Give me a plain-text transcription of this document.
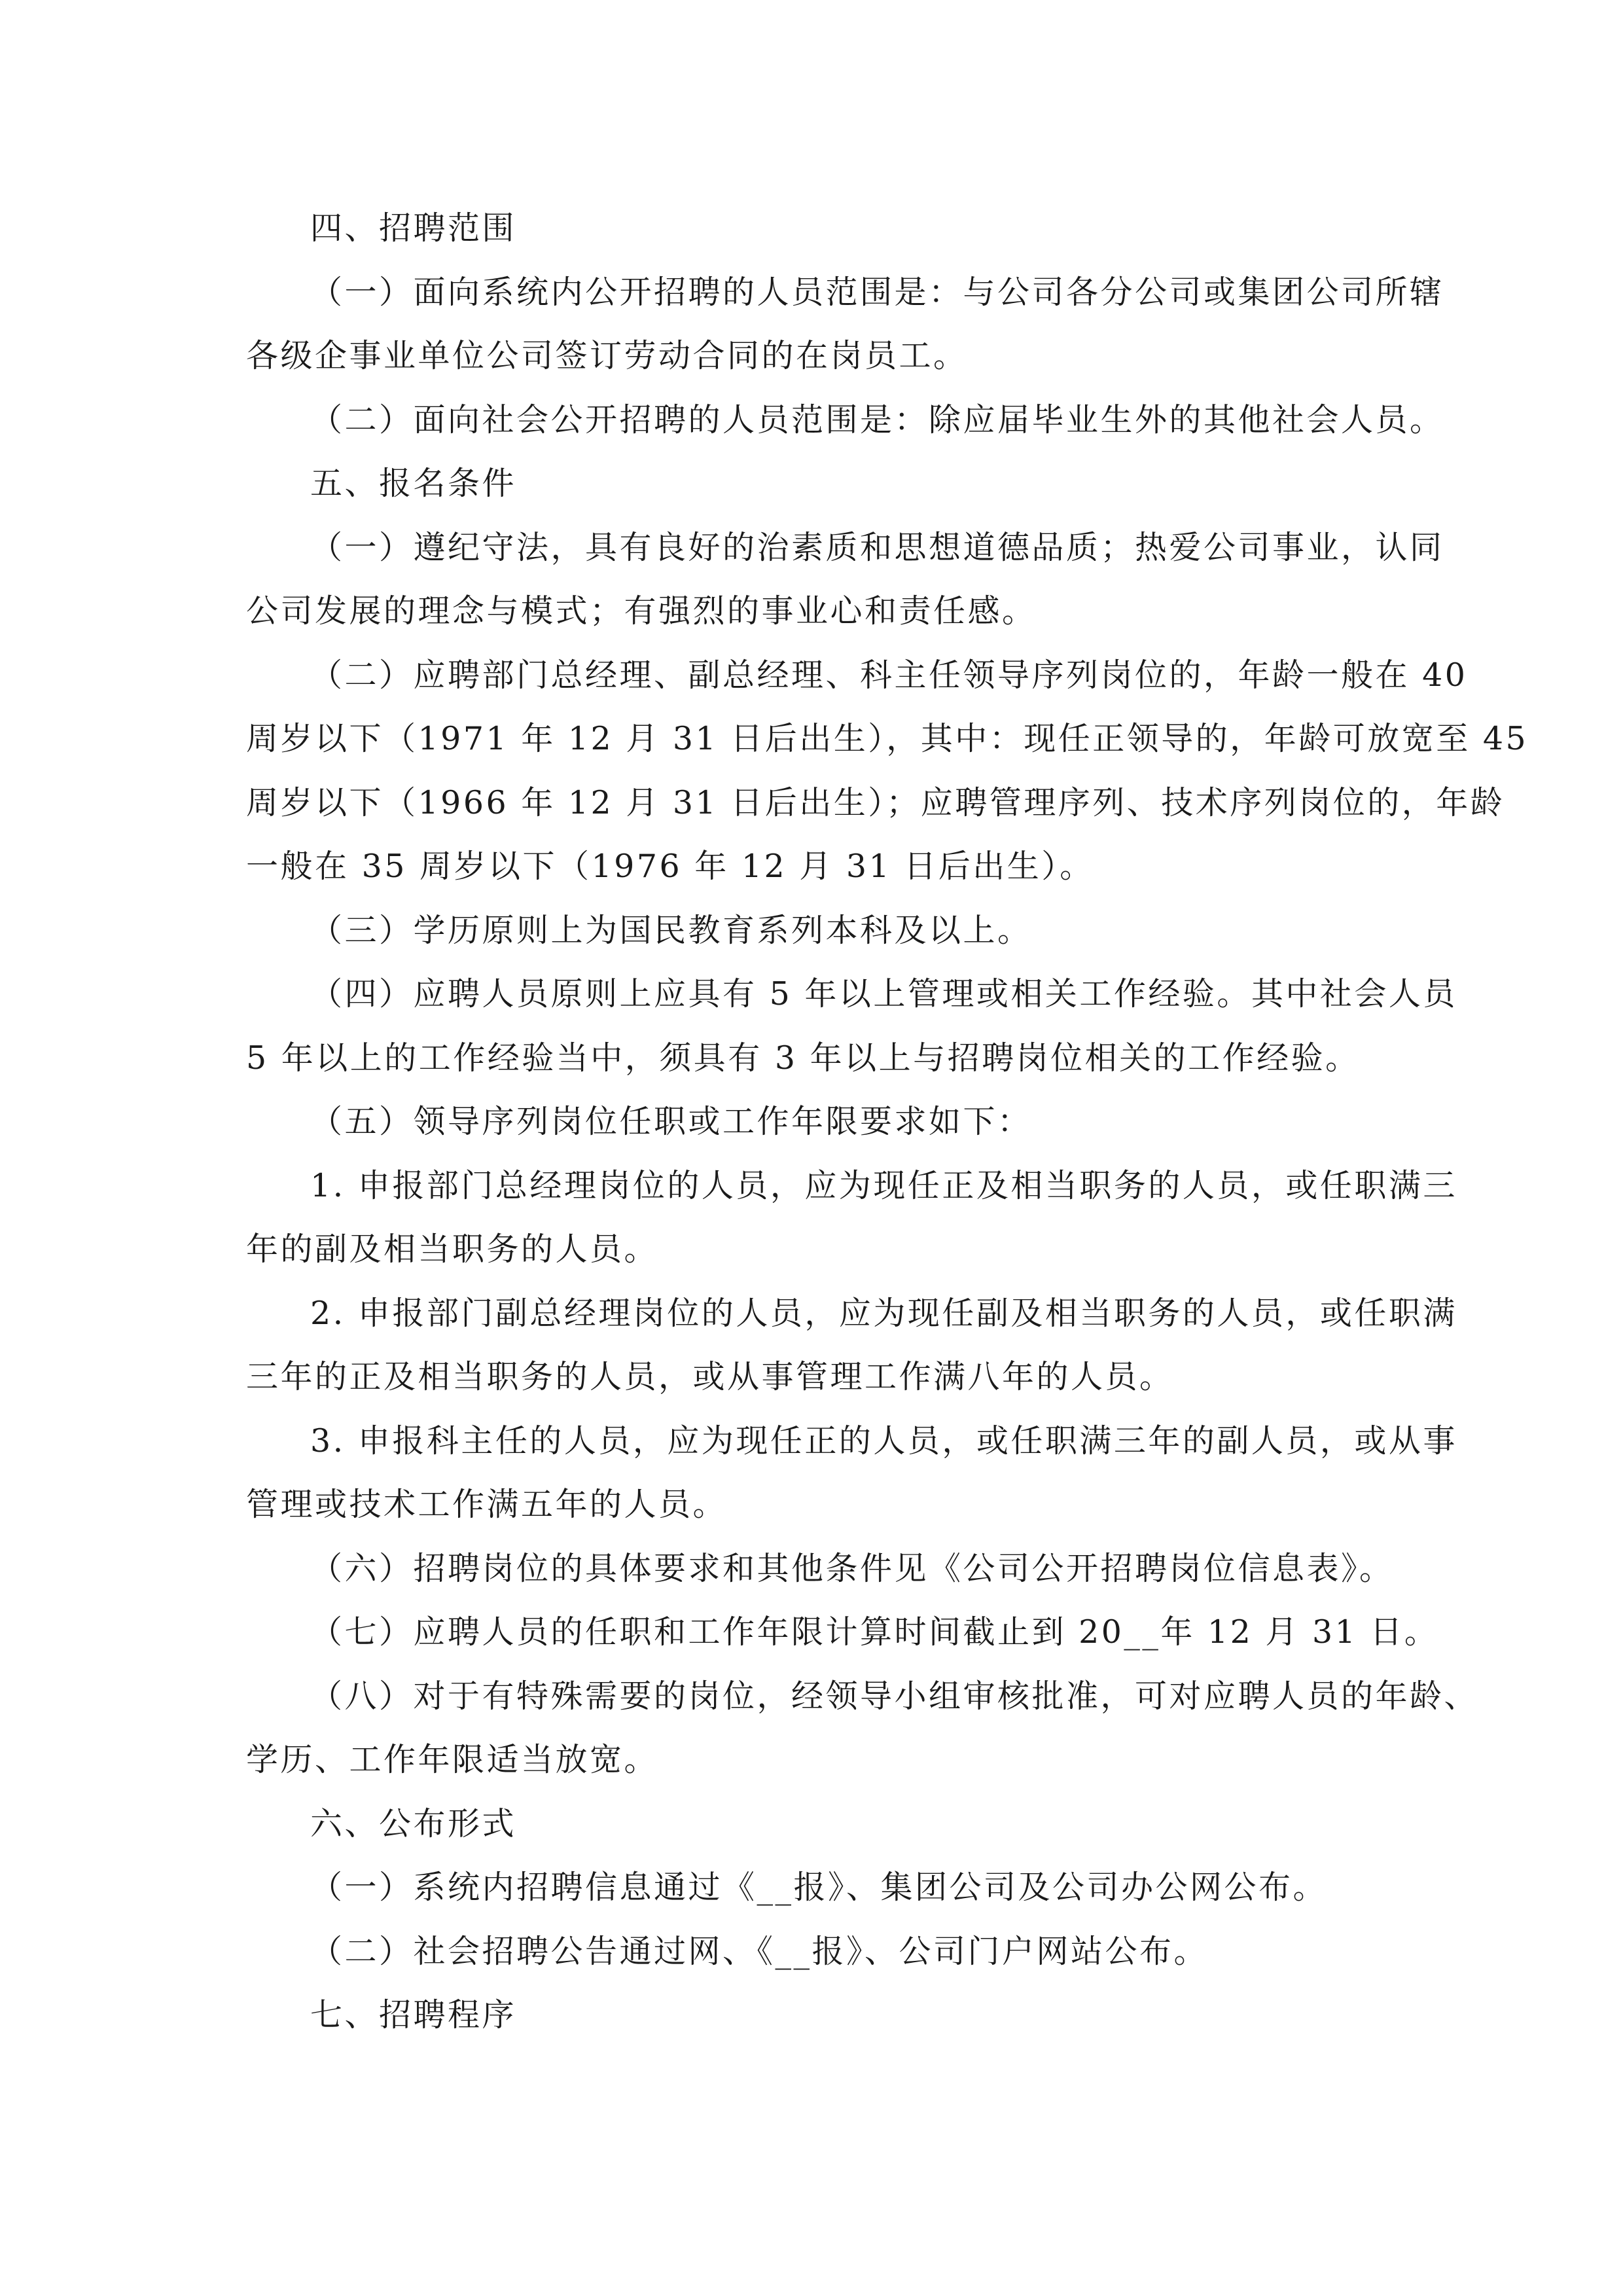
四、招聘范围
（一）面向系统内公开招聘的人员范围是：与公司各分公司或集团公司所辖
各级企事业单位公司签订劳动合同的在岗员工。
（二）面向社会公开招聘的人员范围是：除应届毕业生外的其他社会人员。
五、报名条件
（一）遵纪守法，具有良好的治素质和思想道德品质；热爱公司事业，认同
公司发展的理念与模式；有强烈的事业心和责任感。
（二）应聘部门总经理、副总经理、科主任领导序列岗位的，年龄一般在 40
周岁以下（1971 年 12 月 31 日后出生），其中：现任正领导的，年龄可放宽至 45
周岁以下（1966 年 12 月 31 日后出生）；应聘管理序列、技术序列岗位的，年龄
一般在 35 周岁以下（1976 年 12 月 31 日后出生）。
（三）学历原则上为国民教育系列本科及以上。
（四）应聘人员原则上应具有 5 年以上管理或相关工作经验。其中社会人员
5 年以上的工作经验当中，须具有 3 年以上与招聘岗位相关的工作经验。
（五）领导序列岗位任职或工作年限要求如下：
1. 申报部门总经理岗位的人员，应为现任正及相当职务的人员，或任职满三
年的副及相当职务的人员。
2. 申报部门副总经理岗位的人员，应为现任副及相当职务的人员，或任职满
三年的正及相当职务的人员，或从事管理工作满八年的人员。
3. 申报科主任的人员，应为现任正的人员，或任职满三年的副人员，或从事
管理或技术工作满五年的人员。
（六）招聘岗位的具体要求和其他条件见《公司公开招聘岗位信息表》。
（七）应聘人员的任职和工作年限计算时间截止到 20__年 12 月 31 日。
（八）对于有特殊需要的岗位，经领导小组审核批准，可对应聘人员的年龄、
学历、工作年限适当放宽。
六、公布形式
（一）系统内招聘信息通过《__报》、集团公司及公司办公网公布。
（二）社会招聘公告通过网、《__报》、公司门户网站公布。
七、招聘程序
